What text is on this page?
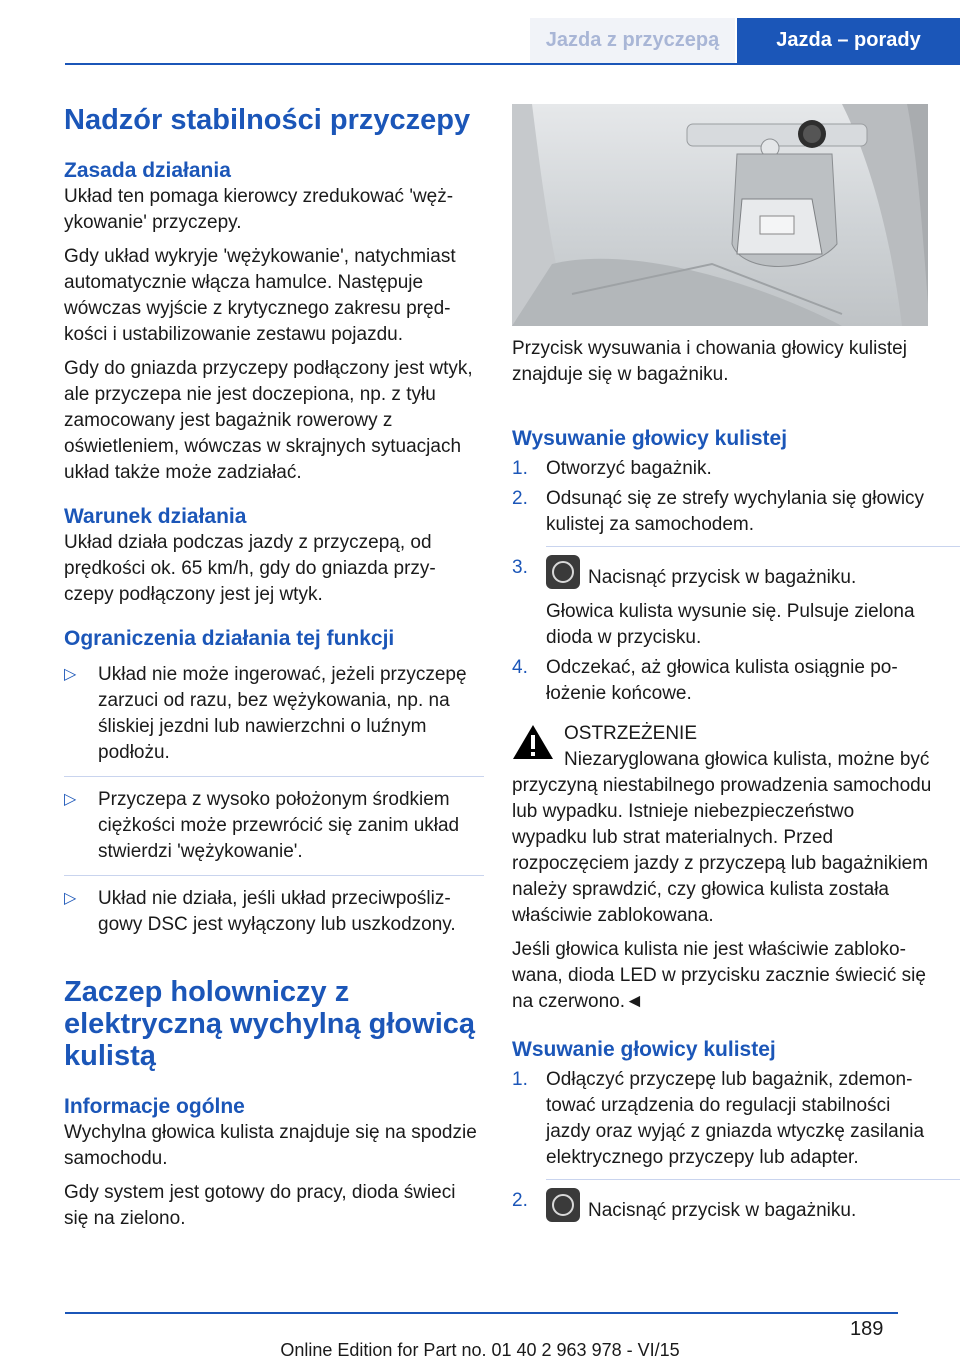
Jazda z przyczepą	Jazda – porady
Nadzór stabilności przyczepy
Zasada działania

Układ ten pomaga kierowcy zredukować 'wężykowanie' przyczepy.

Gdy układ wykryje 'wężykowanie', natychmiast automatycznie włącza hamulce. Następuje wówczas wyjście z krytycznego zakresu prędkości i ustabilizowanie zestawu pojazdu.

Gdy do gniazda przyczepy podłączony jest wtyk, ale przyczepa nie jest doczepiona, np. z tyłu zamocowany jest bagażnik rowerowy z oświetleniem, wówczas w skrajnych sytuacjach układ także może zadziałać.

Warunek działania

Układ działa podczas jazdy z przyczepą, od prędkości ok. 65 km/h, gdy do gniazda przyczepy podłączony jest jej wtyk.

Ograniczenia działania tej funkcji
▷ Układ nie może ingerować, jeżeli przyczepę zarzuci od razu, bez wężykowania, np. na śliskiej jezdni lub nawierzchni o luźnym podłożu.
▷ Przyczepa z wysoko położonym środkiem ciężkości może przewrócić się zanim układ stwierdzi 'wężykowanie'.
▷ Układ nie działa, jeśli układ przeciwpoślizgowy DSC jest wyłączony lub uszkodzony.
Zaczep holowniczy z elektryczną wychylną głowicą kulistą
Informacje ogólne

Wychylna głowica kulista znajduje się na spodzie samochodu.

Gdy system jest gotowy do pracy, dioda świeci się na zielono.

Przycisk wysuwania i chowania głowicy kulistej znajduje się w bagażniku.

Wysuwanie głowicy kulistej
1. Otworzyć bagażnik.
2. Odsunąć się ze strefy wychylania się głowicy kulistej za samochodem.
3.	Nacisnąć przycisk w bagażniku.

Głowica kulista wysunie się. Pulsuje zielona dioda w przycisku.

4. Odczekać, aż głowica kulista osiągnie położenie końcowe.

OSTRZEŻENIE

Niezaryglowana głowica kulista, możne być przyczyną niestabilnego prowadzenia samochodu lub wypadku. Istnieje niebezpieczeństwo wypadku lub strat materialnych. Przed rozpoczęciem jazdy z przyczepą lub bagażnikiem należy sprawdzić, czy głowica kulista została właściwie zablokowana.

Jeśli głowica kulista nie jest właściwie zablokowana, dioda LED w przycisku zacznie świecić się na czerwono.◄

Wsuwanie głowicy kulistej
1. Odłączyć przyczepę lub bagażnik, zdemontować urządzenia do regulacji stabilności jazdy oraz wyjąć z gniazda wtyczkę zasilania elektrycznego przyczepy lub adapter.
2.	Nacisnąć przycisk w bagażniku.
189
Online Edition for Part no. 01 40 2 963 978 - VI/15
